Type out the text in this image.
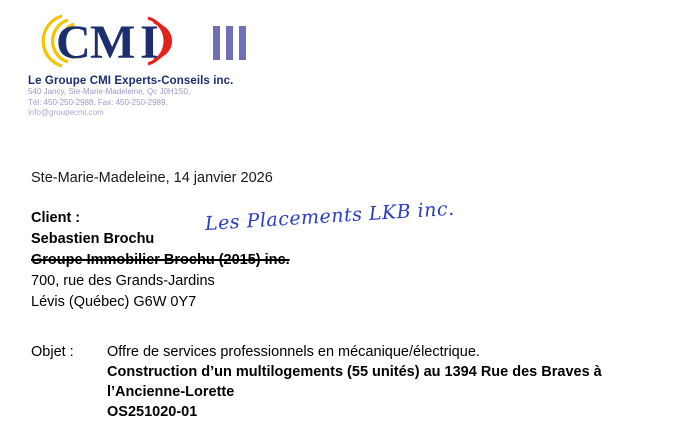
C M I
Le Groupe CMI Experts-Conseils inc.
540 Jancy, Ste-Marie-Madeleine, Qc J0H1S0,
Tél: 450-250-2988, Fax: 450-250-2989,
info@groupecmi.com
Ste-Marie-Madeleine, 14 janvier 2026
Client :
Sebastien Brochu
Groupe Immobilier Brochu (2015) inc.
700, rue des Grands-Jardins
Lévis (Québec) G6W 0Y7
Les Placements LKB inc.
Objet : Offre de services professionnels en mécanique/électrique.
Construction d’un multilogements (55 unités) au 1394 Rue des Braves à l’Ancienne-Lorette
OS251020-01
